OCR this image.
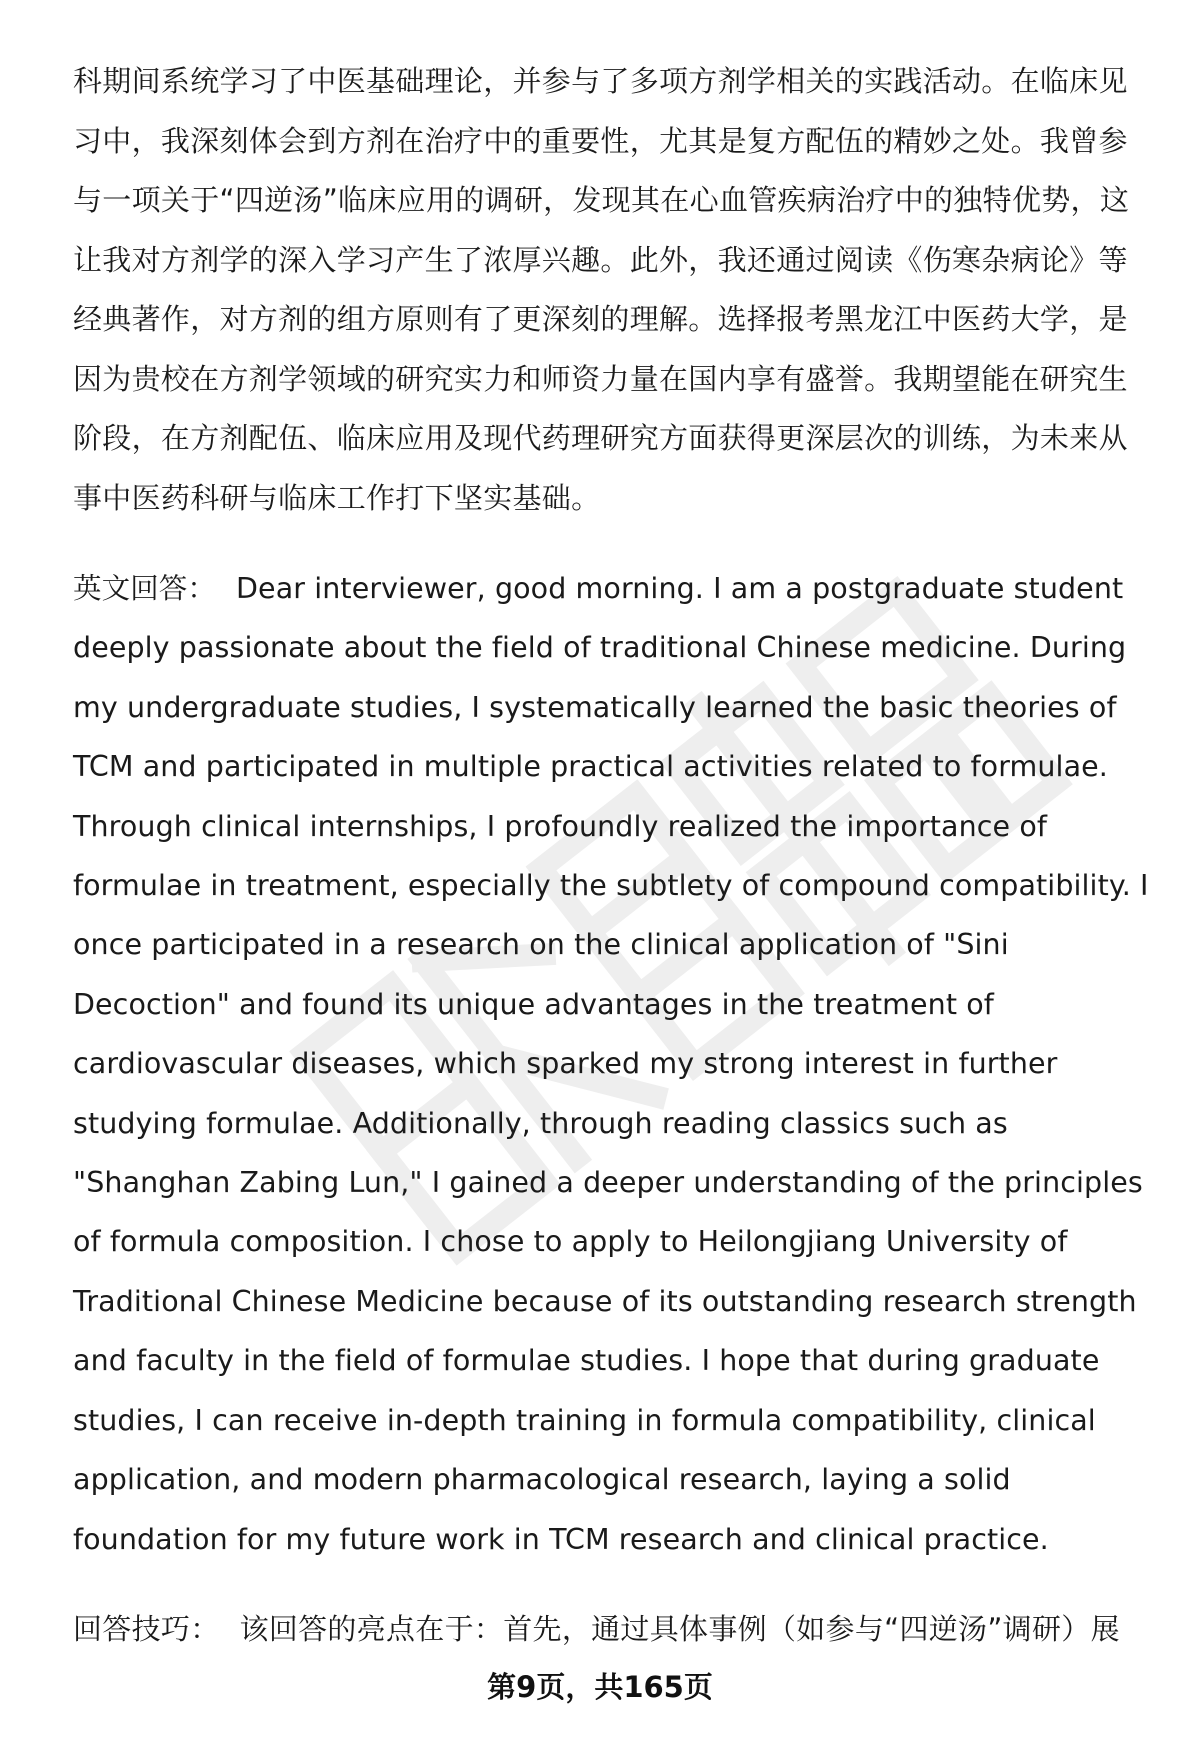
科期间系统学习了中医基础理论，并参与了多项方剂学相关的实践活动。在临床见习中，我深刻体会到方剂在治疗中的重要性，尤其是复方配伍的精妙之处。我曾参与一项关于“四逆汤”临床应用的调研，发现其在心血管疾病治疗中的独特优势，这让我对方剂学的深入学习产生了浓厚兴趣。此外，我还通过阅读《伤寒杂病论》等经典著作，对方剂的组方原则有了更深刻的理解。选择报考黑龙江中医药大学，是因为贵校在方剂学领域的研究实力和师资力量在国内享有盛誉。我期望能在研究生阶段，在方剂配伍、临床应用及现代药理研究方面获得更深层次的训练，为未来从事中医药科研与临床工作打下坚实基础。

英文回答： Dear interviewer, good morning. I am a postgraduate student deeply passionate about the field of traditional Chinese medicine. During my undergraduate studies, I systematically learned the basic theories of TCM and participated in multiple practical activities related to formulae. Through clinical internships, I profoundly realized the importance of formulae in treatment, especially the subtlety of compound compatibility. I once participated in a research on the clinical application of "Sini Decoction" and found its unique advantages in the treatment of cardiovascular diseases, which sparked my strong interest in further studying formulae. Additionally, through reading classics such as "Shanghan Zabing Lun," I gained a deeper understanding of the principles of formula composition. I chose to apply to Heilongjiang University of Traditional Chinese Medicine because of its outstanding research strength and faculty in the field of formulae studies. I hope that during graduate studies, I can receive in-depth training in formula compatibility, clinical application, and modern pharmacological research, laying a solid foundation for my future work in TCM research and clinical practice.

回答技巧： 该回答的亮点在于：首先，通过具体事例（如参与“四逆汤”调研）展

第9页，共165页
